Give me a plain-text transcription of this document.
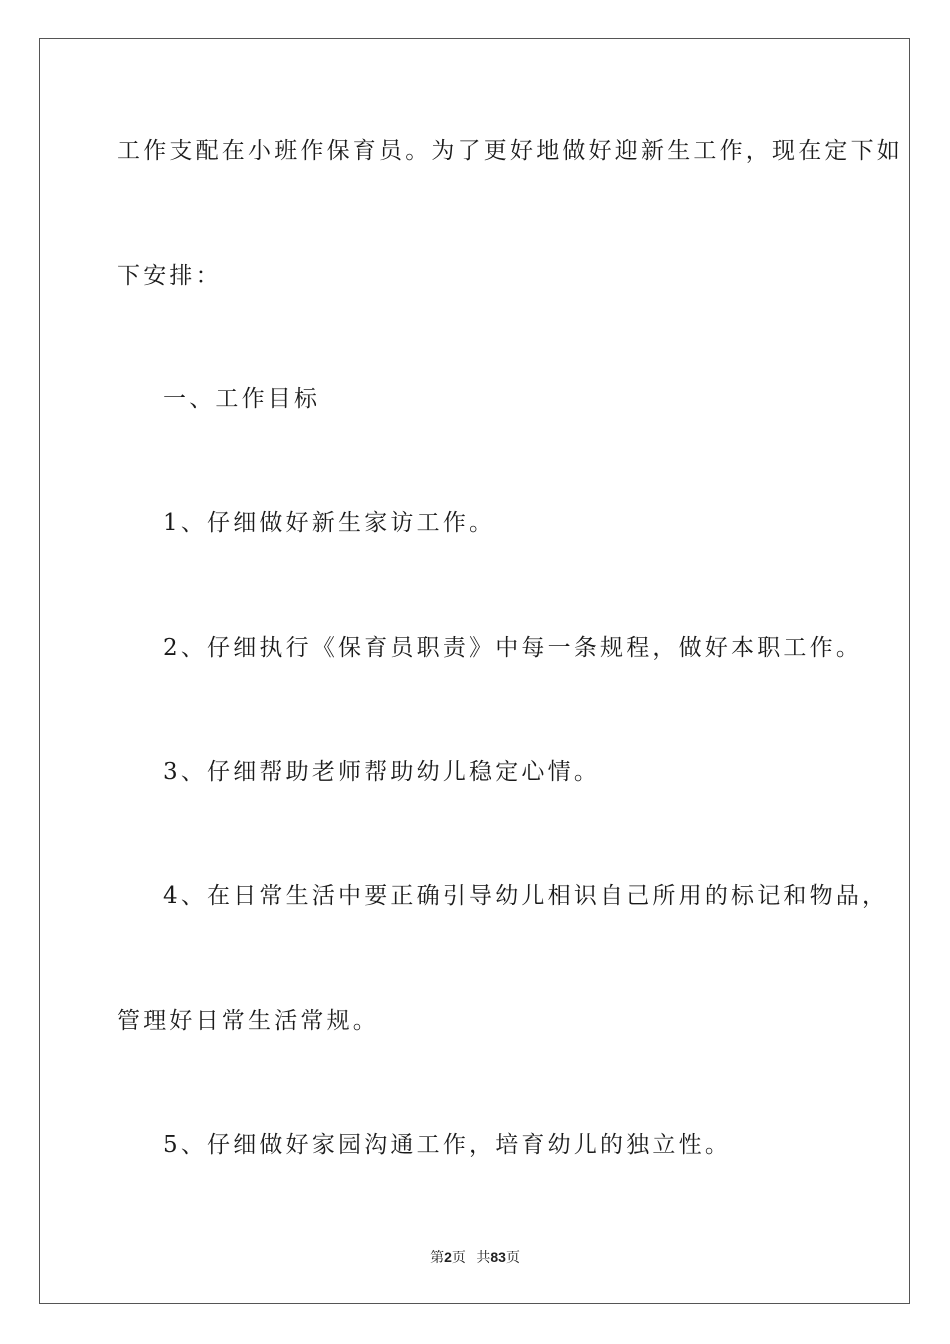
工作支配在小班作保育员。为了更好地做好迎新生工作，现在定下如
下安排：
一、工作目标
1、仔细做好新生家访工作。
2、仔细执行《保育员职责》中每一条规程，做好本职工作。
3、仔细帮助老师帮助幼儿稳定心情。
4、在日常生活中要正确引导幼儿相识自己所用的标记和物品，
管理好日常生活常规。
5、仔细做好家园沟通工作，培育幼儿的独立性。
第2页 共83页
